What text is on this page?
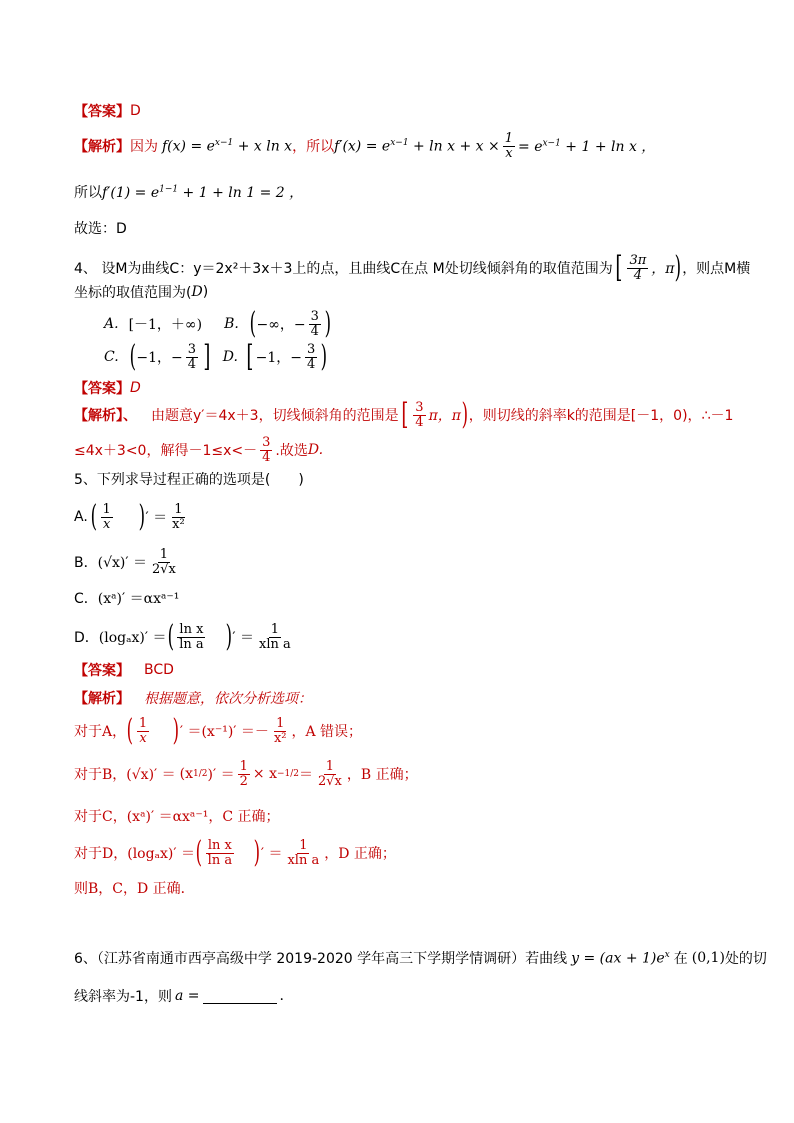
【答案】 D
【解析】 因为 $f(x) = e^{x-1} + x$ ln x ，所以 $f'(x) = e^{x-1} + \ln x + x \times \frac{1}{x} = e^{x-1} + 1 + \ln x$ ，
所以 $f'(1) = e^{1-1} + 1 + \ln 1 = 2$ ，
故选：D
4、 设M为曲线C：y＝2x²＋3x＋3上的点，且曲线C在点 M处切线倾斜角的取值范围为 [ $\frac{3\pi}{4}$ ，π ) ，则点M横
坐标的取值范围为( D )
A. [－1，＋∞) B. ( −∞，− $\frac{3}{4}$ )
C. ( −1，− $\frac{3}{4}$ ] D. [ −1，− $\frac{3}{4}$ )
【答案】 D
【解析】、 由题意y′＝4x＋3，切线倾斜角的范围是 [ $\frac{3}{4}$ π，π ) ，则切线的斜率k的范围是[－1，0)，∴－1
≤4x＋3<0，解得$-1\le x<- \frac{3}{4}$ .故选 D.
5、下列求导过程正确的选项是(　　)
A. ( $\frac{1}{x}$ ) ′ ＝ $\frac{1}{\text{x²}}$
B． $(√x)' = \frac{1}{2√x}$
C． (xᵃ)′ ＝αxᵃ⁻¹
D． (logₐx)′ ＝ ( $\frac{\text{ln x}}{\text{ln a}}$ ) ′ ＝ $\frac{1}{\text{xln a}}$
【答案】 BCD
【解析】 根据题意，依次分析选项：
对于A， ( $\frac{1}{x}$ ) ′ $=(x^{-1})' =- \frac{1}{\text{x²}}$ ，A 错误；
对于B， (√x)′ ＝ (x 1/2 )′ ＝ $\frac{1}{2} \times x -1/2 = \frac{1}{2√x}$ ，B 正确；
对于C， (xᵃ)′ ＝αxᵃ⁻¹ ，C 正确；
对于D， (logₐx)′ ＝ ( $\frac{\text{ln x}}{\text{ln a}}$ ) ′ ＝ $\frac{1}{\text{xln a}}$ ，D 正确；
则B，C，D 正确．
6、（江苏省南通市西亭高级中学 2019-2020 学年高三下学期学情调研）若曲线 $y = (ax + 1)e^x$ 在 (0,1) 处的切
线斜率为-1，则 a =	.
